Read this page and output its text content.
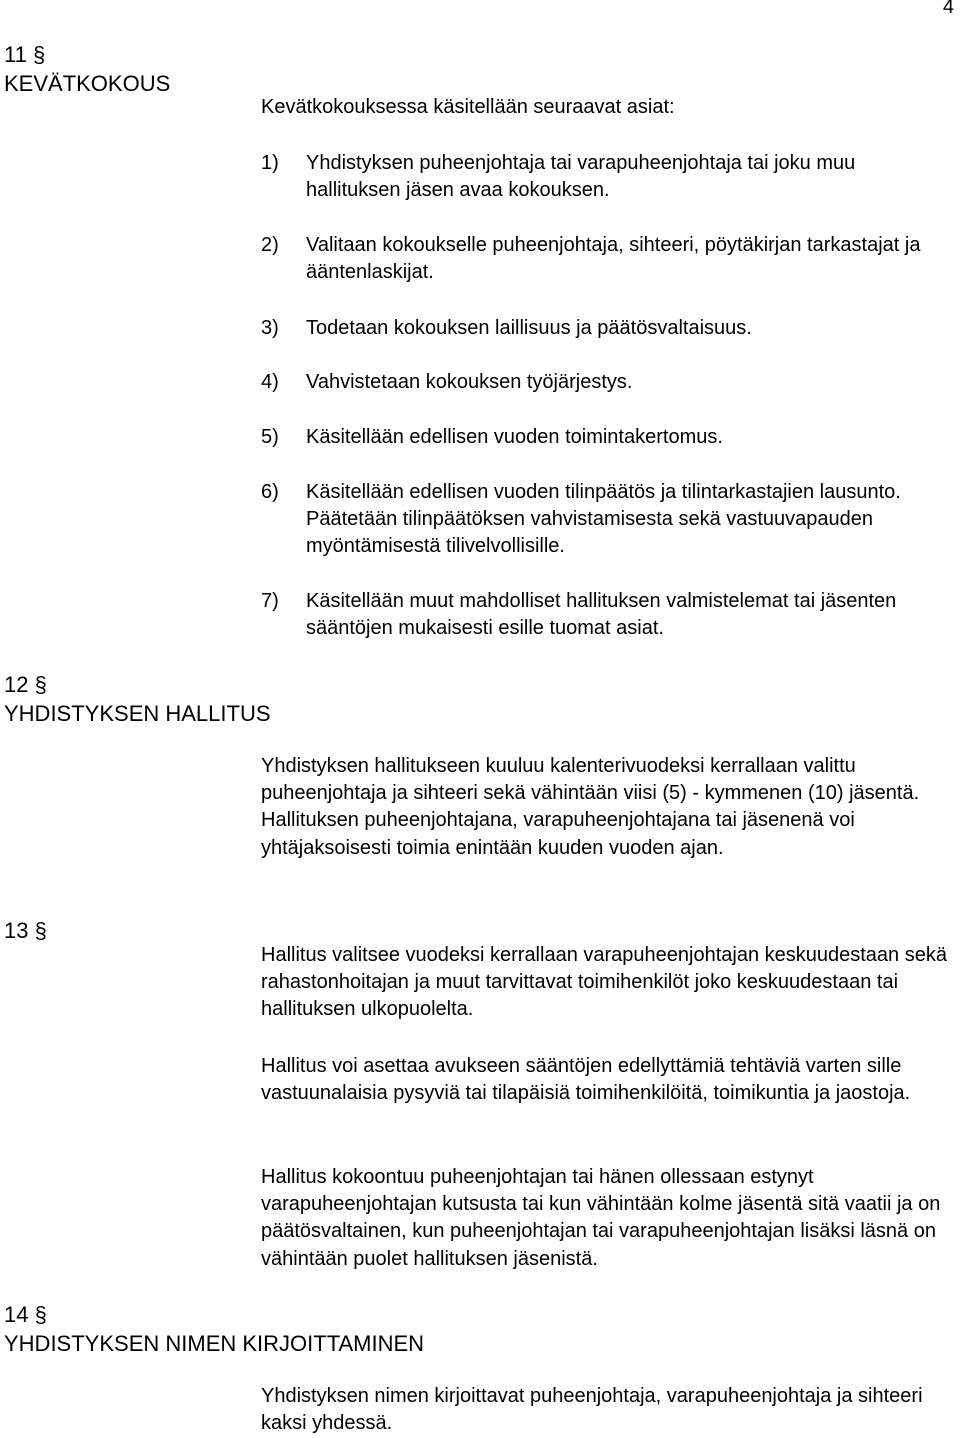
4
11 §
KEVÄTKOKOUS

Kevätkokouksessa käsitellään seuraavat asiat:

1)	Yhdistyksen puheenjohtaja tai varapuheenjohtaja tai joku muu hallituksen jäsen avaa kokouksen.
2)	Valitaan kokoukselle puheenjohtaja, sihteeri, pöytäkirjan tarkastajat ja ääntenlaskijat.
3)	Todetaan kokouksen laillisuus ja päätösvaltaisuus.
4)	Vahvistetaan kokouksen työjärjestys.
5)	Käsitellään edellisen vuoden toimintakertomus.
6)	Käsitellään edellisen vuoden tilinpäätös ja tilintarkastajien lausunto. Päätetään tilinpäätöksen vahvistamisesta sekä vastuuvapauden myöntämisestä tilivelvollisille.
7)	Käsitellään muut mahdolliset hallituksen valmistelemat tai jäsenten sääntöjen mukaisesti esille tuomat asiat.
12 §
YHDISTYKSEN HALLITUS

Yhdistyksen hallitukseen kuuluu kalenterivuodeksi kerrallaan valittu puheenjohtaja ja sihteeri sekä vähintään viisi (5) - kymmenen (10) jäsentä. Hallituksen puheenjohtajana, varapuheenjohtajana tai jäsenenä voi yhtäjaksoisesti toimia enintään kuuden vuoden ajan.

13 §

Hallitus valitsee vuodeksi kerrallaan varapuheenjohtajan keskuudestaan sekä rahastonhoitajan ja muut tarvittavat toimihenkilöt joko keskuudestaan tai hallituksen ulkopuolelta.

Hallitus voi asettaa avukseen sääntöjen edellyttämiä tehtäviä varten sille vastuunalaisia pysyviä tai tilapäisiä toimihenkilöitä, toimikuntia ja jaostoja.

Hallitus kokoontuu puheenjohtajan tai hänen ollessaan estynyt varapuheenjohtajan kutsusta tai kun vähintään kolme jäsentä sitä vaatii ja on päätösvaltainen, kun puheenjohtajan tai varapuheenjohtajan lisäksi läsnä on vähintään puolet hallituksen jäsenistä.

14 §
YHDISTYKSEN NIMEN KIRJOITTAMINEN

Yhdistyksen nimen kirjoittavat puheenjohtaja, varapuheenjohtaja ja sihteeri kaksi yhdessä.
